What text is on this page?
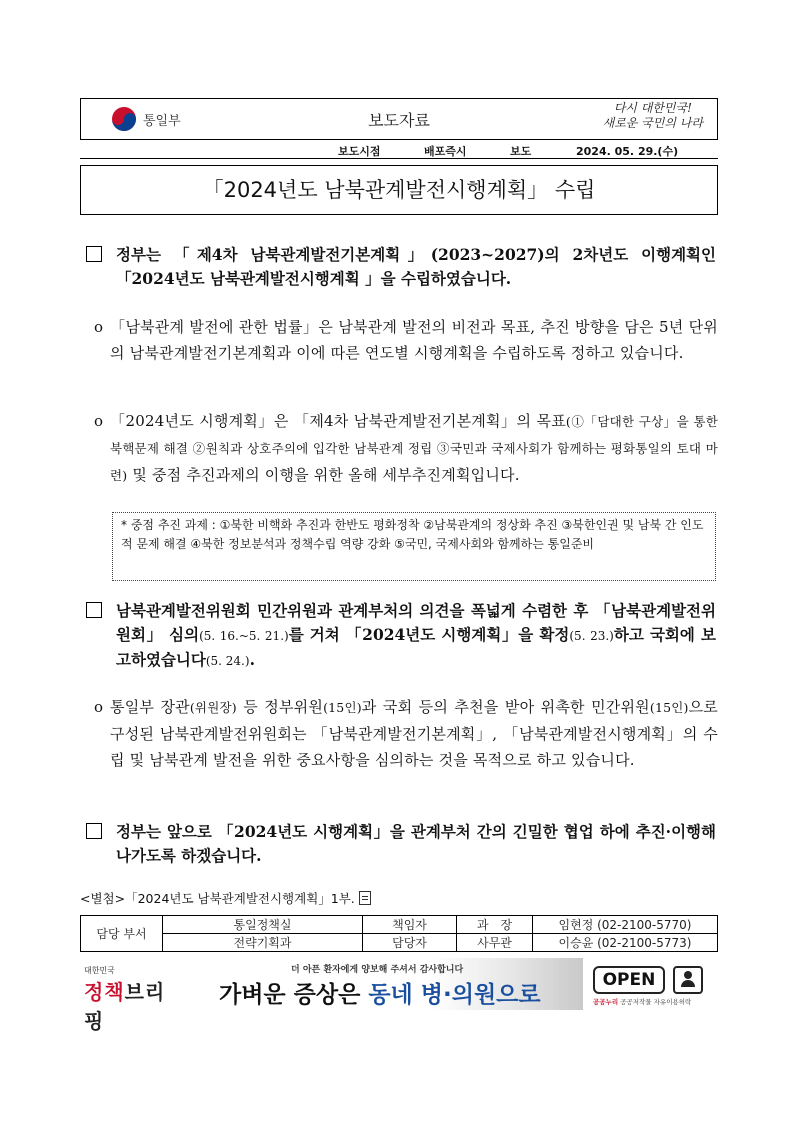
통일부	보도자료
다시 대한민국!
새로운 국민의 나라
보도시점	배포즉시	보도	2024. 05. 29.(수)
「2024년도 남북관계발전시행계획」 수립
정부는 「제4차 남북관계발전기본계획」(2023~2027)의 2차년도 이행계획인 「2024년도 남북관계발전시행계획 」을 수립하였습니다.
o 「남북관계 발전에 관한 법률」은 남북관계 발전의 비전과 목표, 추진 방향을 담은 5년 단위의 남북관계발전기본계획과 이에 따른 연도별 시행계획을 수립하도록 정하고 있습니다.
o 「2024년도 시행계획」은 「제4차 남북관계발전기본계획」의 목표(①「담대한 구상」을 통한 북핵문제 해결 ②원칙과 상호주의에 입각한 남북관계 정립 ③국민과 국제사회가 함께하는 평화통일의 토대 마련) 및 중점 추진과제의 이행을 위한 올해 세부추진계획입니다.
* 중점 추진 과제 : ①북한 비핵화 추진과 한반도 평화정착 ②남북관계의 정상화 추진 ③북한인권 및 남북 간 인도적 문제 해결 ④북한 정보분석과 정책수립 역량 강화 ⑤국민, 국제사회와 함께하는 통일준비
남북관계발전위원회 민간위원과 관계부처의 의견을 폭넓게 수렴한 후 「남북관계발전위원회」 심의(5. 16.~5. 21.)를 거쳐 「2024년도 시행계획」을 확정(5. 23.)하고 국회에 보고하였습니다(5. 24.).
o 통일부 장관(위원장) 등 정부위원(15인)과 국회 등의 추천을 받아 위촉한 민간위원(15인)으로 구성된 남북관계발전위원회는 「남북관계발전기본계획」, 「남북관계발전시행계획」의 수립 및 남북관계 발전을 위한 중요사항을 심의하는 것을 목적으로 하고 있습니다.
정부는 앞으로 「2024년도 시행계획」을 관계부처 간의 긴밀한 협업 하에 추진·이행해 나가도록 하겠습니다.
<별첨>「2024년도 남북관계발전시행계획」1부.
담당 부서	통일정책실	책임자	과　장	임현정 (02-2100-5770)
	전략기획과	담당자	사무관	이승윤 (02-2100-5773)
대한민국
정책브리핑
더 아픈 환자에게 양보해 주셔서 감사합니다
가벼운 증상은 동네 병·의원으로
OPEN
공공누리 공공저작물 자유이용허락
